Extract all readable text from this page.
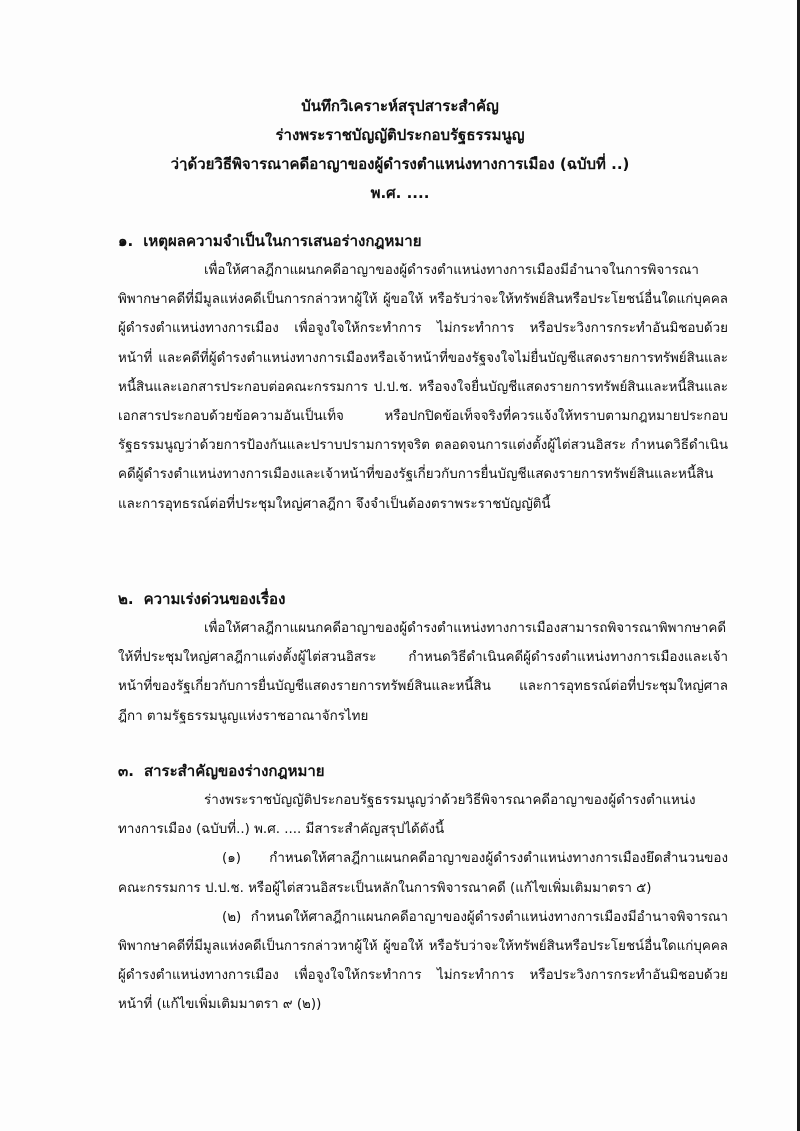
บันทึกวิเคราะห์สรุปสาระสำคัญ
ร่างพระราชบัญญัติประกอบรัฐธรรมนูญ
ว่าด้วยวิธีพิจารณาคดีอาญาของผู้ดำรงตำแหน่งทางการเมือง (ฉบับที่ ..)
พ.ศ. ....
๑. เหตุผลความจำเป็นในการเสนอร่างกฎหมาย

เพื่อให้ศาลฎีกาแผนกคดีอาญาของผู้ดำรงตำแหน่งทางการเมืองมีอำนาจในการพิจารณาพิพากษาคดีที่มีมูลแห่งคดีเป็นการกล่าวหาผู้ให้ ผู้ขอให้ หรือรับว่าจะให้ทรัพย์สินหรือประโยชน์อื่นใดแก่บุคคลผู้ดำรงตำแหน่งทางการเมือง เพื่อจูงใจให้กระทำการ ไม่กระทำการ หรือประวิงการกระทำอันมิชอบด้วยหน้าที่ และคดีที่ผู้ดำรงตำแหน่งทางการเมืองหรือเจ้าหน้าที่ของรัฐจงใจไม่ยื่นบัญชีแสดงรายการทรัพย์สินและหนี้สินและเอกสารประกอบต่อคณะกรรมการ ป.ป.ช. หรือจงใจยื่นบัญชีแสดงรายการทรัพย์สินและหนี้สินและเอกสารประกอบด้วยข้อความอันเป็นเท็จ หรือปกปิดข้อเท็จจริงที่ควรแจ้งให้ทราบตามกฎหมายประกอบรัฐธรรมนูญว่าด้วยการป้องกันและปราบปรามการทุจริต ตลอดจนการแต่งตั้งผู้ไต่สวนอิสระ กำหนดวิธีดำเนินคดีผู้ดำรงตำแหน่งทางการเมืองและเจ้าหน้าที่ของรัฐเกี่ยวกับการยื่นบัญชีแสดงรายการทรัพย์สินและหนี้สิน และการอุทธรณ์ต่อที่ประชุมใหญ่ศาลฎีกา จึงจำเป็นต้องตราพระราชบัญญัตินี้

๒. ความเร่งด่วนของเรื่อง

เพื่อให้ศาลฎีกาแผนกคดีอาญาของผู้ดำรงตำแหน่งทางการเมืองสามารถพิจารณาพิพากษาคดี ให้ที่ประชุมใหญ่ศาลฎีกาแต่งตั้งผู้ไต่สวนอิสระ กำหนดวิธีดำเนินคดีผู้ดำรงตำแหน่งทางการเมืองและเจ้าหน้าที่ของรัฐเกี่ยวกับการยื่นบัญชีแสดงรายการทรัพย์สินและหนี้สิน และการอุทธรณ์ต่อที่ประชุมใหญ่ศาลฎีกา ตามรัฐธรรมนูญแห่งราชอาณาจักรไทย

๓. สาระสำคัญของร่างกฎหมาย

ร่างพระราชบัญญัติประกอบรัฐธรรมนูญว่าด้วยวิธีพิจารณาคดีอาญาของผู้ดำรงตำแหน่งทางการเมือง (ฉบับที่..) พ.ศ. .... มีสาระสำคัญสรุปได้ดังนี้

(๑) กำหนดให้ศาลฎีกาแผนกคดีอาญาของผู้ดำรงตำแหน่งทางการเมืองยึดสำนวนของคณะกรรมการ ป.ป.ช. หรือผู้ไต่สวนอิสระเป็นหลักในการพิจารณาคดี (แก้ไขเพิ่มเติมมาตรา ๕)

(๒) กำหนดให้ศาลฎีกาแผนกคดีอาญาของผู้ดำรงตำแหน่งทางการเมืองมีอำนาจพิจารณาพิพากษาคดีที่มีมูลแห่งคดีเป็นการกล่าวหาผู้ให้ ผู้ขอให้ หรือรับว่าจะให้ทรัพย์สินหรือประโยชน์อื่นใดแก่บุคคลผู้ดำรงตำแหน่งทางการเมือง เพื่อจูงใจให้กระทำการ ไม่กระทำการ หรือประวิงการกระทำอันมิชอบด้วยหน้าที่ (แก้ไขเพิ่มเติมมาตรา ๙ (๒))
